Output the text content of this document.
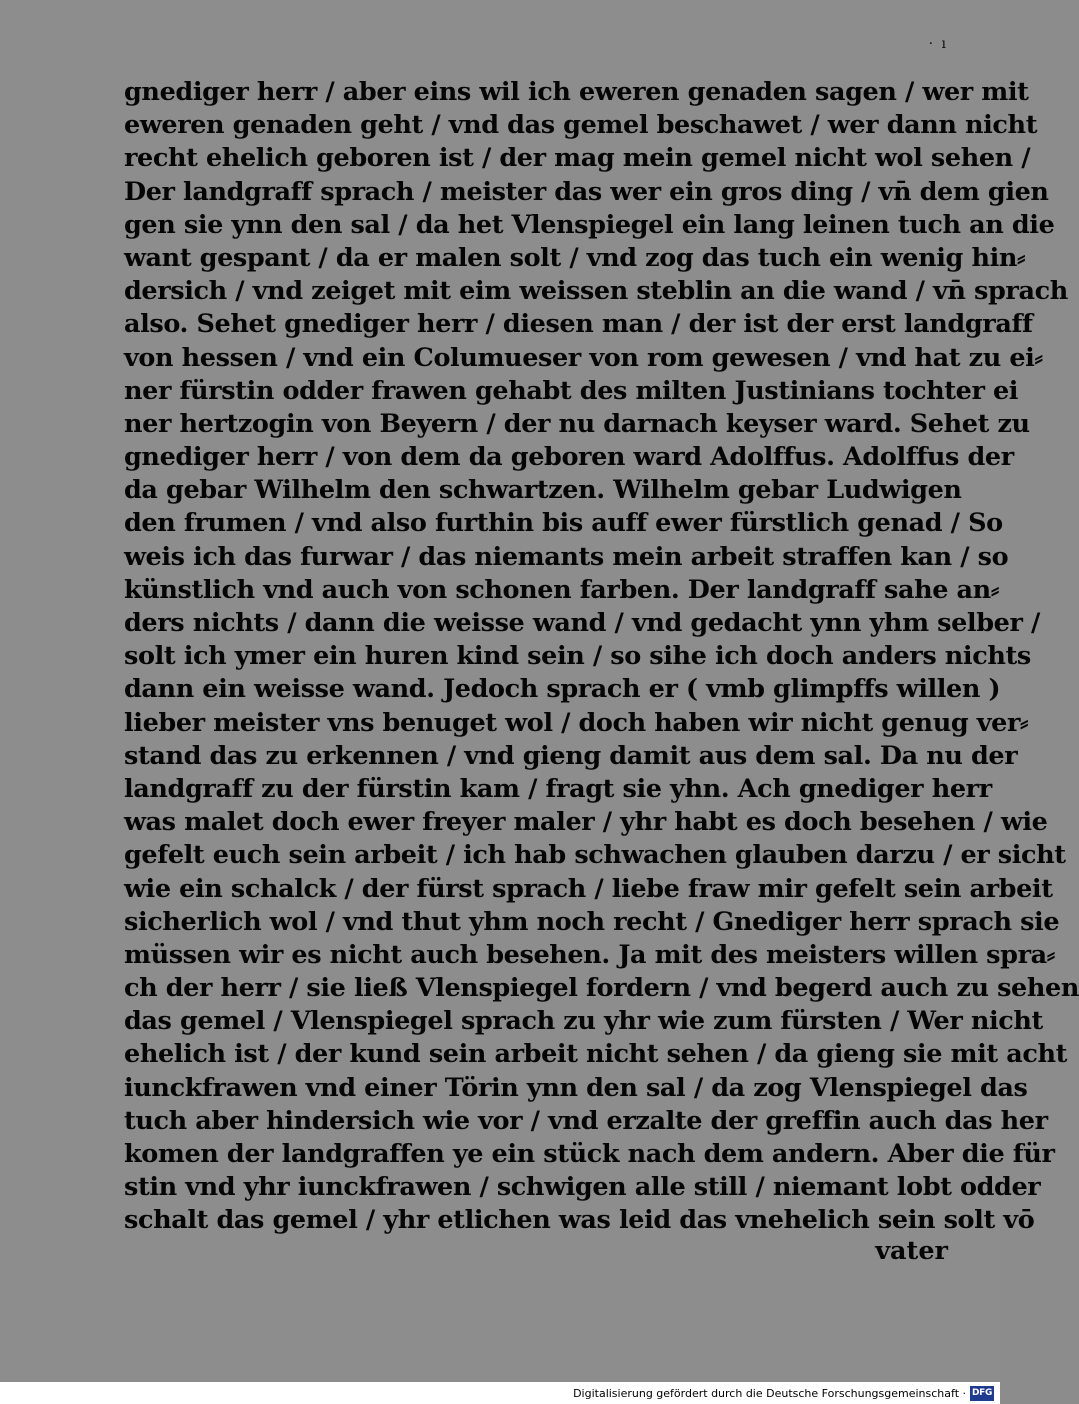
· ı
gnediger herr / aber eins wil ich eweren genaden sagen / wer mit
eweren genaden geht / vnd das gemel beschawet / wer dann nicht
recht ehelich geboren ist / der mag mein gemel nicht wol sehen /
Der landgraff sprach / meister das wer ein gros ding / vn̄ dem gien
gen sie ynn den sal / da het Vlenspiegel ein lang leinen tuch an die
want gespant / da er malen solt / vnd zog das tuch ein wenig hin⸗
dersich / vnd zeiget mit eim weissen steblin an die wand / vn̄ sprach
also. Sehet gnediger herr / diesen man / der ist der erst landgraff
von hessen / vnd ein Columueser von rom gewesen / vnd hat zu ei⸗
ner fürstin odder frawen gehabt des milten Justinians tochter ei
ner hertzogin von Beyern / der nu darnach keyser ward. Sehet zu
gnediger herr / von dem da geboren ward Adolffus. Adolffus der
da gebar Wilhelm den schwartzen. Wilhelm gebar Ludwigen
den frumen / vnd also furthin bis auff ewer fürstlich genad / So
weis ich das furwar / das niemants mein arbeit straffen kan / so
künstlich vnd auch von schonen farben. Der landgraff sahe an⸗
ders nichts / dann die weisse wand / vnd gedacht ynn yhm selber /
solt ich ymer ein huren kind sein / so sihe ich doch anders nichts
dann ein weisse wand. Jedoch sprach er ( vmb glimpffs willen )
lieber meister vns benuget wol / doch haben wir nicht genug ver⸗
stand das zu erkennen / vnd gieng damit aus dem sal. Da nu der
landgraff zu der fürstin kam / fragt sie yhn. Ach gnediger herr
was malet doch ewer freyer maler / yhr habt es doch besehen / wie
gefelt euch sein arbeit / ich hab schwachen glauben darzu / er sicht
wie ein schalck / der fürst sprach / liebe fraw mir gefelt sein arbeit
sicherlich wol / vnd thut yhm noch recht / Gnediger herr sprach sie
müssen wir es nicht auch besehen. Ja mit des meisters willen spra⸗
ch der herr / sie ließ Vlenspiegel fordern / vnd begerd auch zu sehen
das gemel / Vlenspiegel sprach zu yhr wie zum fürsten / Wer nicht
ehelich ist / der kund sein arbeit nicht sehen / da gieng sie mit acht
iunckfrawen vnd einer Törin ynn den sal / da zog Vlenspiegel das
tuch aber hindersich wie vor / vnd erzalte der greffin auch das her
komen der landgraffen ye ein stück nach dem andern. Aber die für
stin vnd yhr iunckfrawen / schwigen alle still / niemant lobt odder
schalt das gemel / yhr etlichen was leid das vnehelich sein solt vō
vater
Digitalisierung gefördert durch die Deutsche Forschungsgemeinschaft · DFG
